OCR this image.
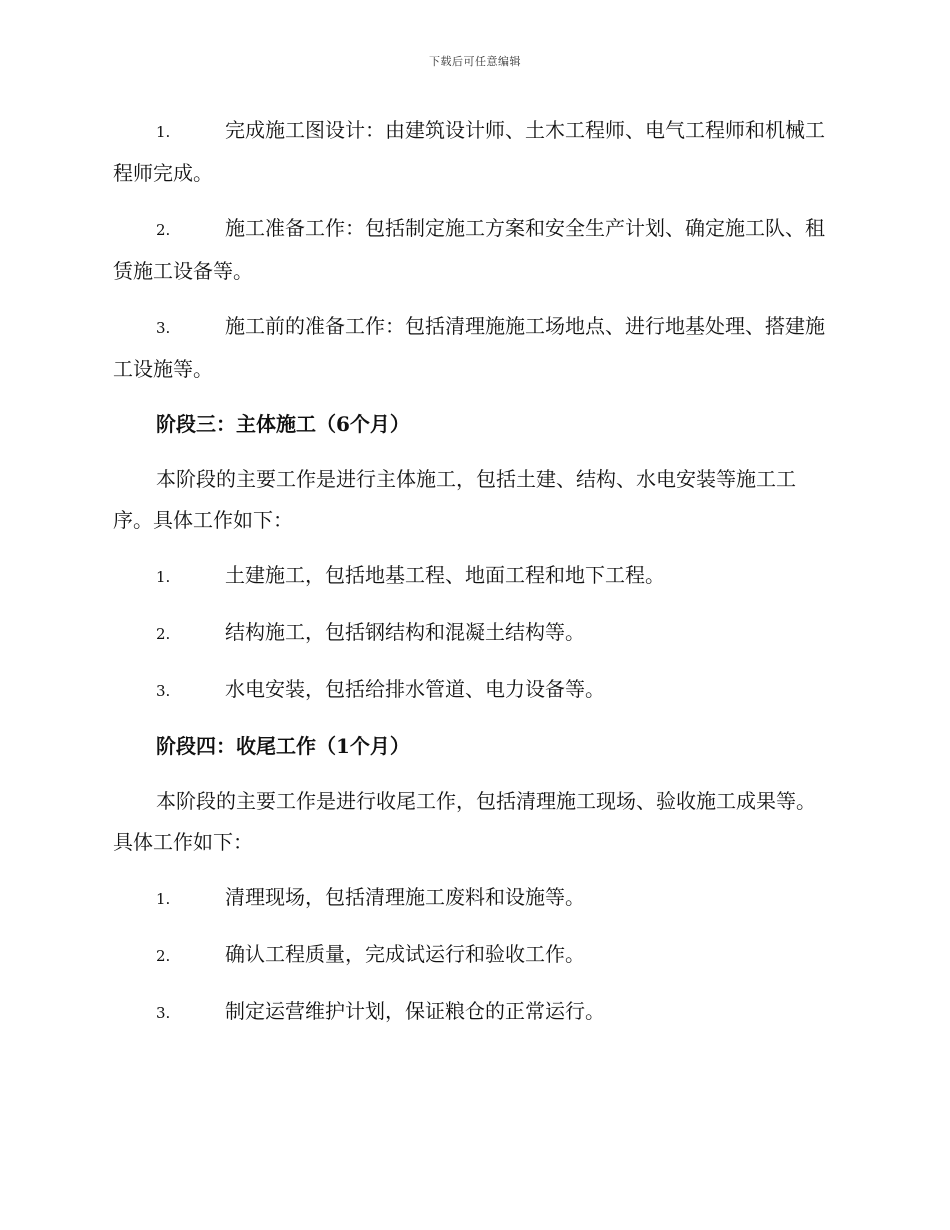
下载后可任意编辑

1.	完成施工图设计：由建筑设计师、土木工程师、电气工程师和机械工程师完成。

2.	施工准备工作：包括制定施工方案和安全生产计划、确定施工队、租赁施工设备等。

3.	施工前的准备工作：包括清理施施工场地点、进行地基处理、搭建施工设施等。

阶段三：主体施工（6个月）

本阶段的主要工作是进行主体施工，包括土建、结构、水电安装等施工工序。具体工作如下：

1.	土建施工，包括地基工程、地面工程和地下工程。

2.	结构施工，包括钢结构和混凝土结构等。

3.	水电安装，包括给排水管道、电力设备等。

阶段四：收尾工作（1个月）

本阶段的主要工作是进行收尾工作，包括清理施工现场、验收施工成果等。具体工作如下：

1.	清理现场，包括清理施工废料和设施等。

2.	确认工程质量，完成试运行和验收工作。

3.	制定运营维护计划，保证粮仓的正常运行。
